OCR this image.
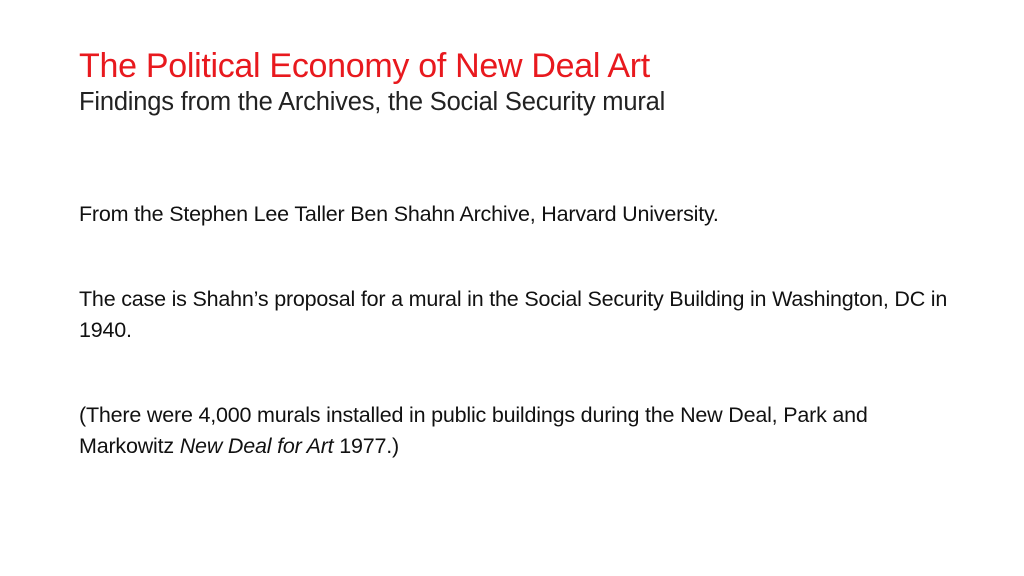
The Political Economy of New Deal Art
Findings from the Archives, the Social Security mural

From the Stephen Lee Taller Ben Shahn Archive, Harvard University.

The case is Shahn’s proposal for a mural in the Social Security Building in Washington, DC in 1940.

(There were 4,000 murals installed in public buildings during the New Deal, Park and Markowitz New Deal for Art 1977.)
